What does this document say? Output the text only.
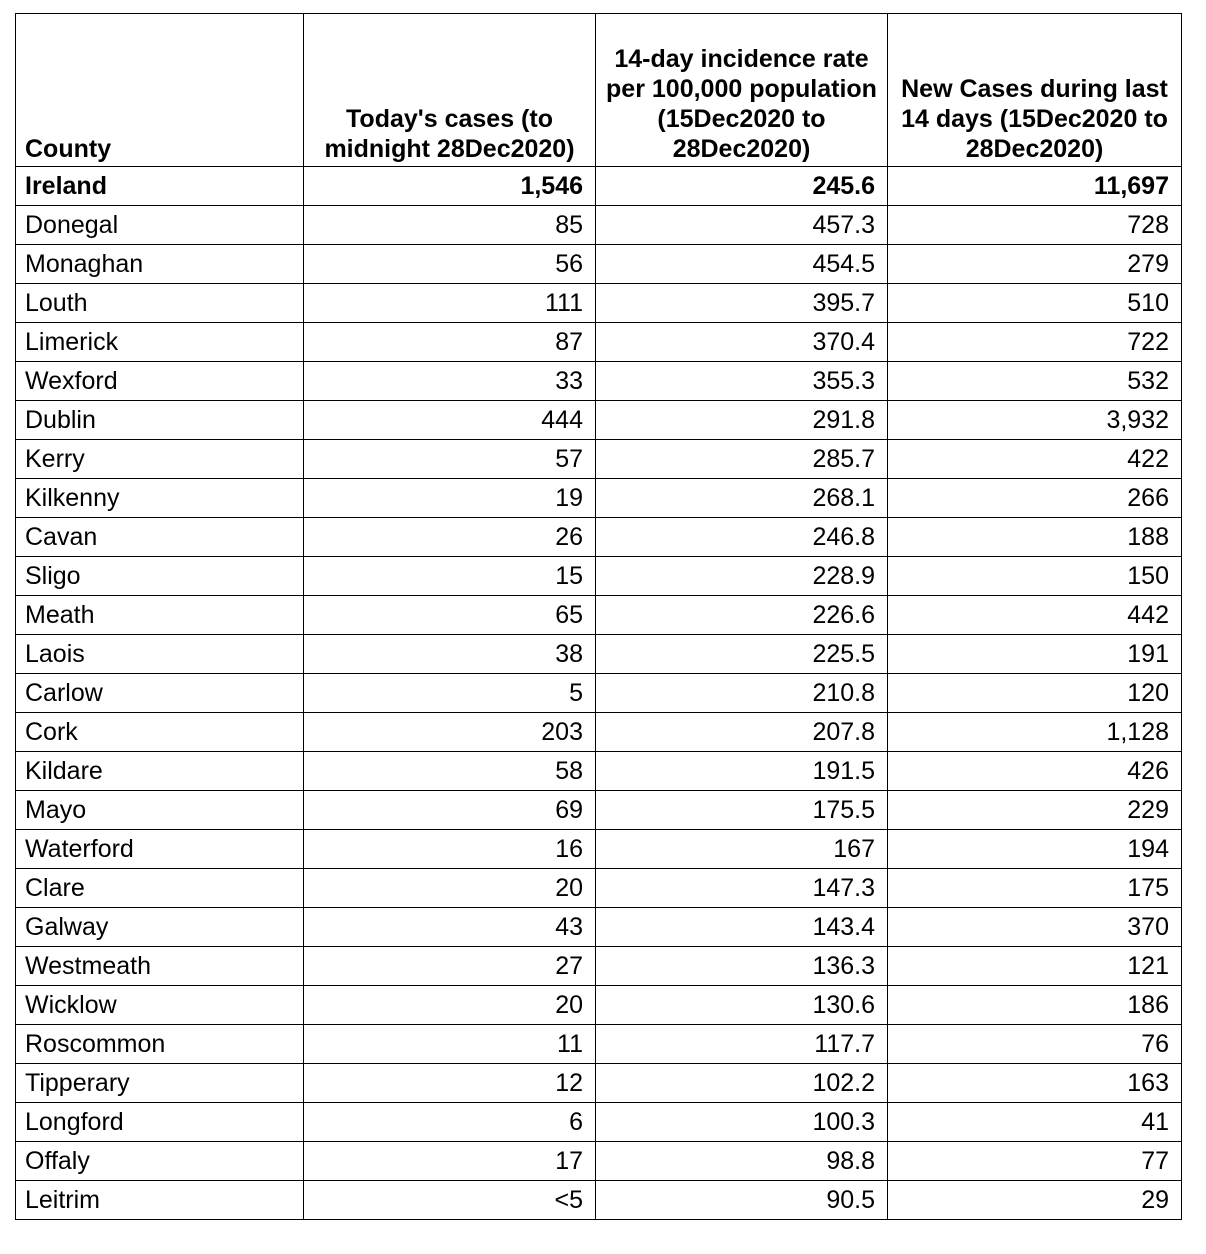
County	Today's cases (to midnight 28Dec2020)	14-day incidence rate per 100,000 population (15Dec2020 to 28Dec2020)	New Cases during last 14 days (15Dec2020 to 28Dec2020)
Ireland	1,546	245.6	11,697
Donegal	85	457.3	728
Monaghan	56	454.5	279
Louth	111	395.7	510
Limerick	87	370.4	722
Wexford	33	355.3	532
Dublin	444	291.8	3,932
Kerry	57	285.7	422
Kilkenny	19	268.1	266
Cavan	26	246.8	188
Sligo	15	228.9	150
Meath	65	226.6	442
Laois	38	225.5	191
Carlow	5	210.8	120
Cork	203	207.8	1,128
Kildare	58	191.5	426
Mayo	69	175.5	229
Waterford	16	167	194
Clare	20	147.3	175
Galway	43	143.4	370
Westmeath	27	136.3	121
Wicklow	20	130.6	186
Roscommon	11	117.7	76
Tipperary	12	102.2	163
Longford	6	100.3	41
Offaly	17	98.8	77
Leitrim	<5	90.5	29
